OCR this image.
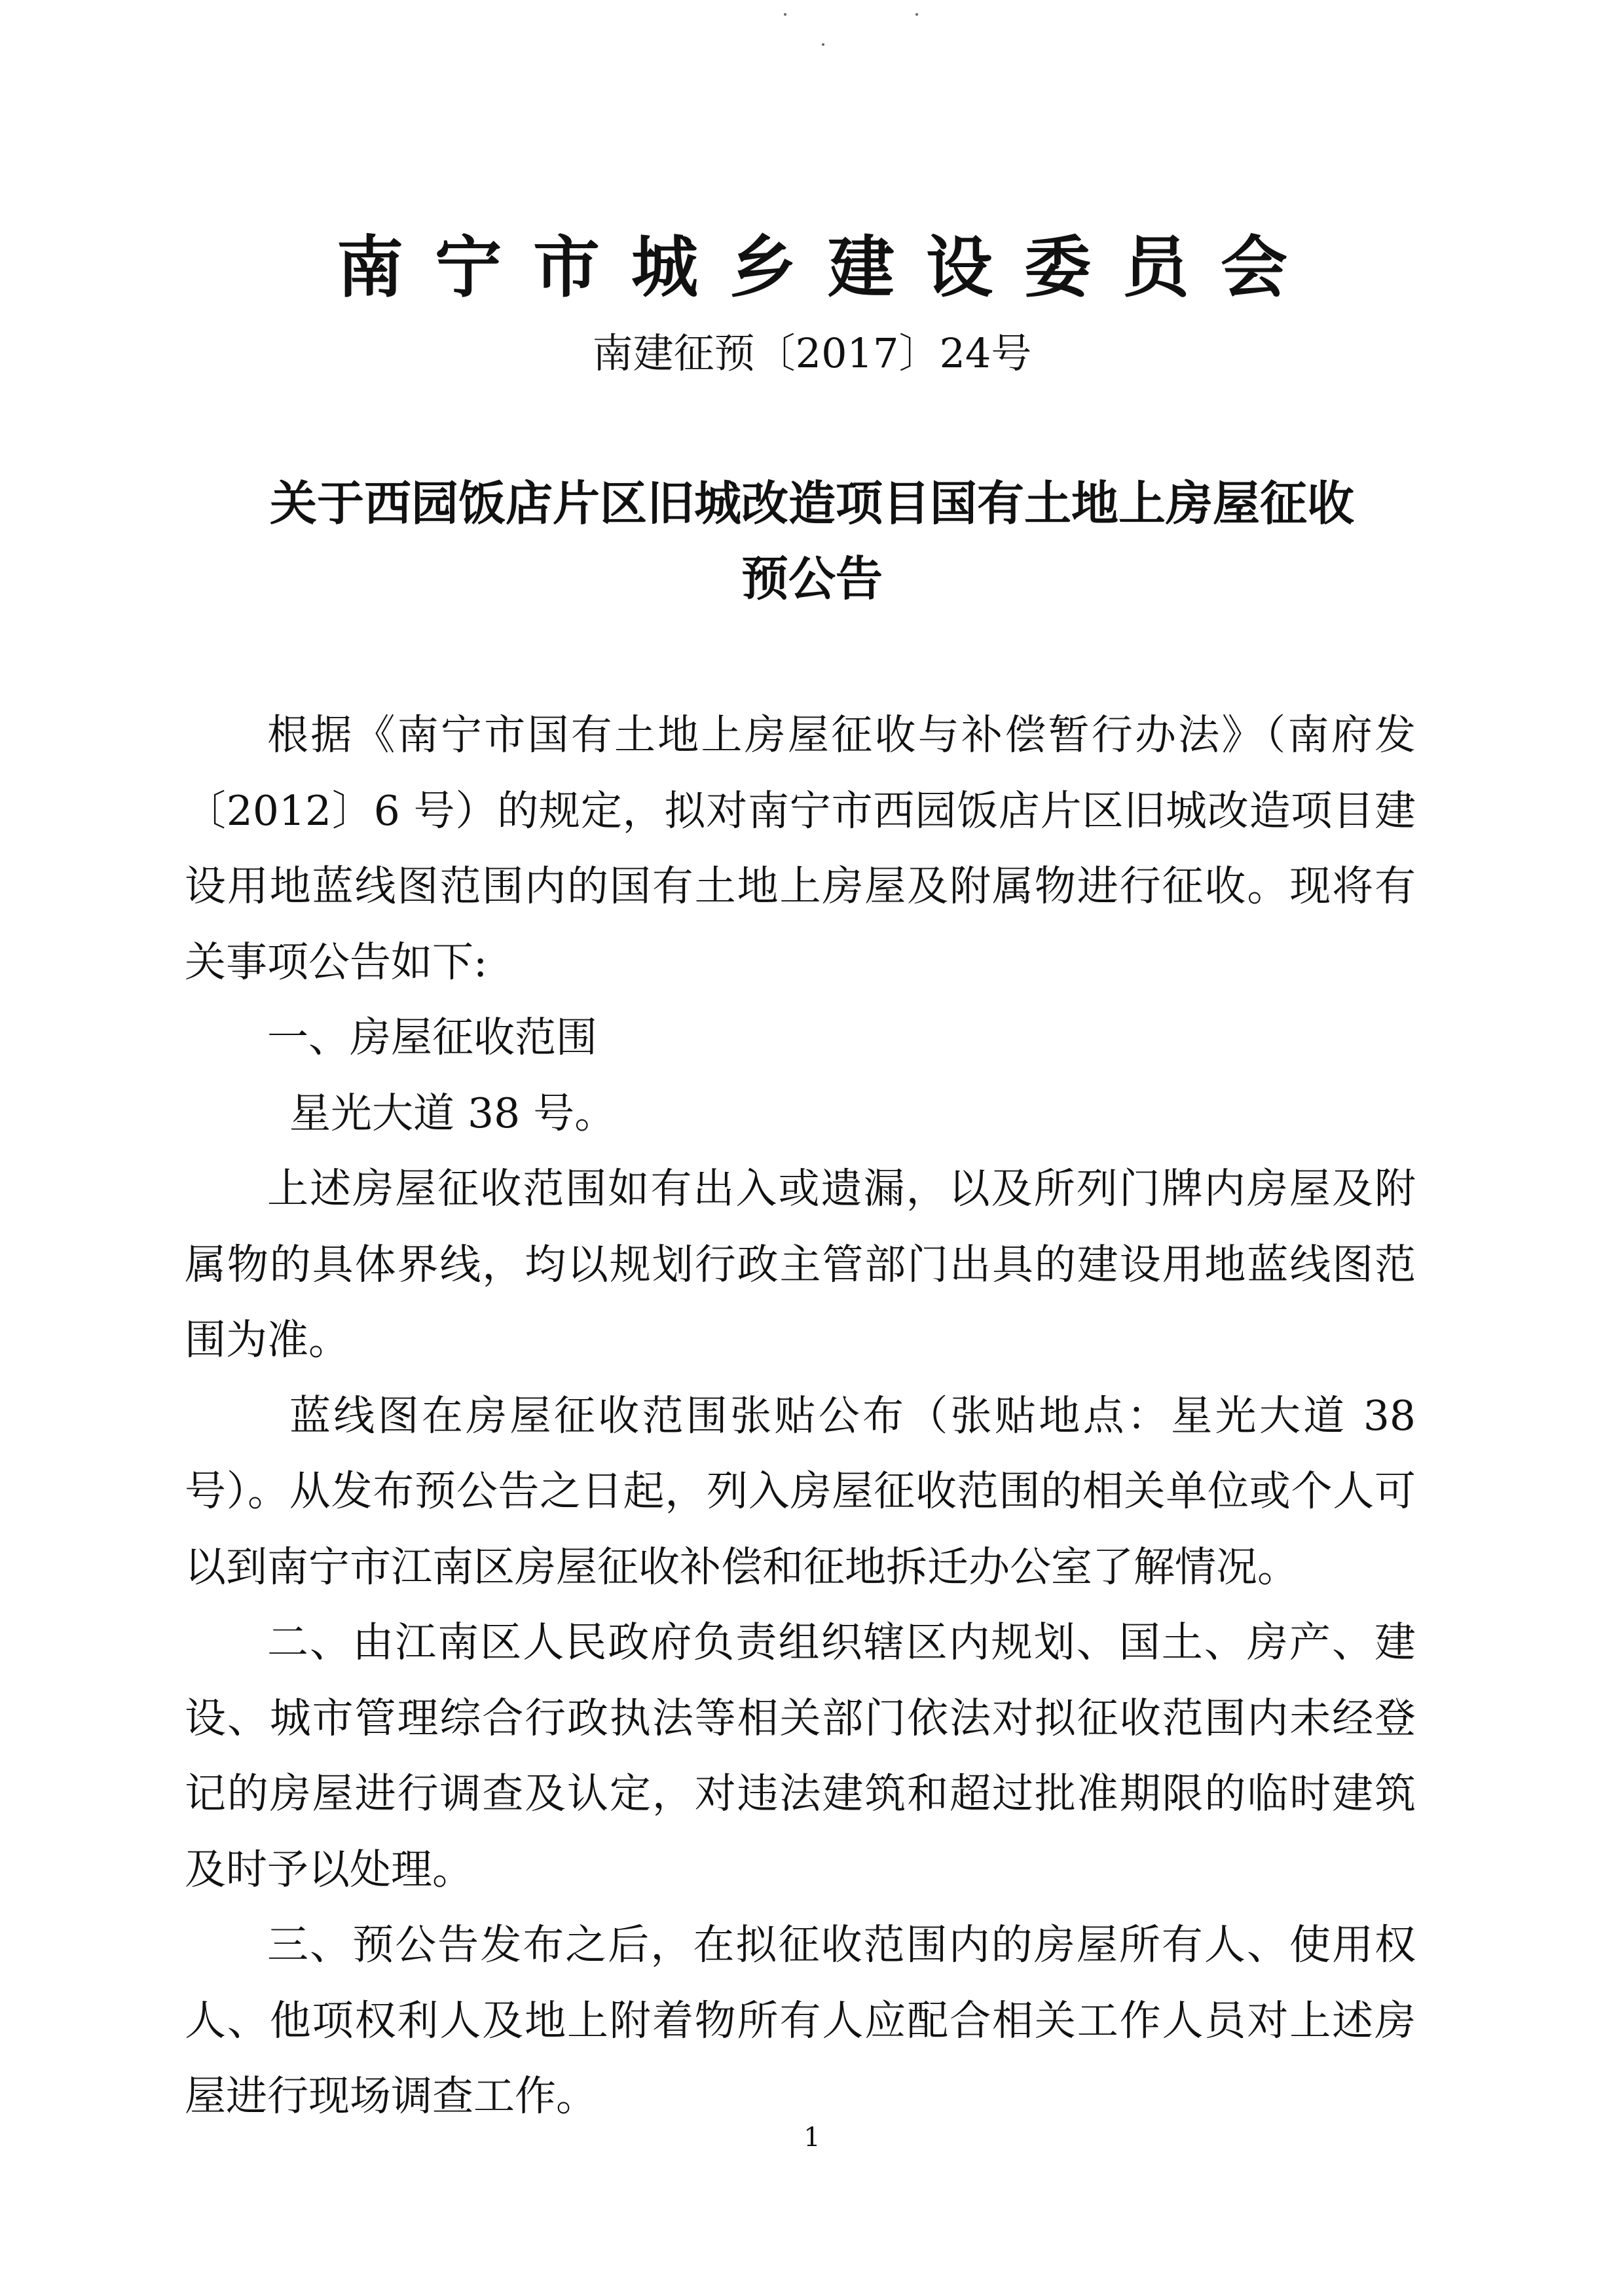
南宁市城乡建设委员会
南建征预〔2017〕24号
关于西园饭店片区旧城改造项目国有土地上房屋征收
预公告

根据《南宁市国有土地上房屋征收与补偿暂行办法》（南府发〔2012〕6 号）的规定，拟对南宁市西园饭店片区旧城改造项目建设用地蓝线图范围内的国有土地上房屋及附属物进行征收。现将有关事项公告如下:

一、房屋征收范围

星光大道 38 号。

上述房屋征收范围如有出入或遗漏，以及所列门牌内房屋及附属物的具体界线，均以规划行政主管部门出具的建设用地蓝线图范围为准。

蓝线图在房屋征收范围张贴公布（张贴地点：星光大道 38 号）。从发布预公告之日起，列入房屋征收范围的相关单位或个人可以到南宁市江南区房屋征收补偿和征地拆迁办公室了解情况。

二、由江南区人民政府负责组织辖区内规划、国土、房产、建设、城市管理综合行政执法等相关部门依法对拟征收范围内未经登记的房屋进行调查及认定，对违法建筑和超过批准期限的临时建筑及时予以处理。

三、预公告发布之后，在拟征收范围内的房屋所有人、使用权人、他项权利人及地上附着物所有人应配合相关工作人员对上述房屋进行现场调查工作。

1
